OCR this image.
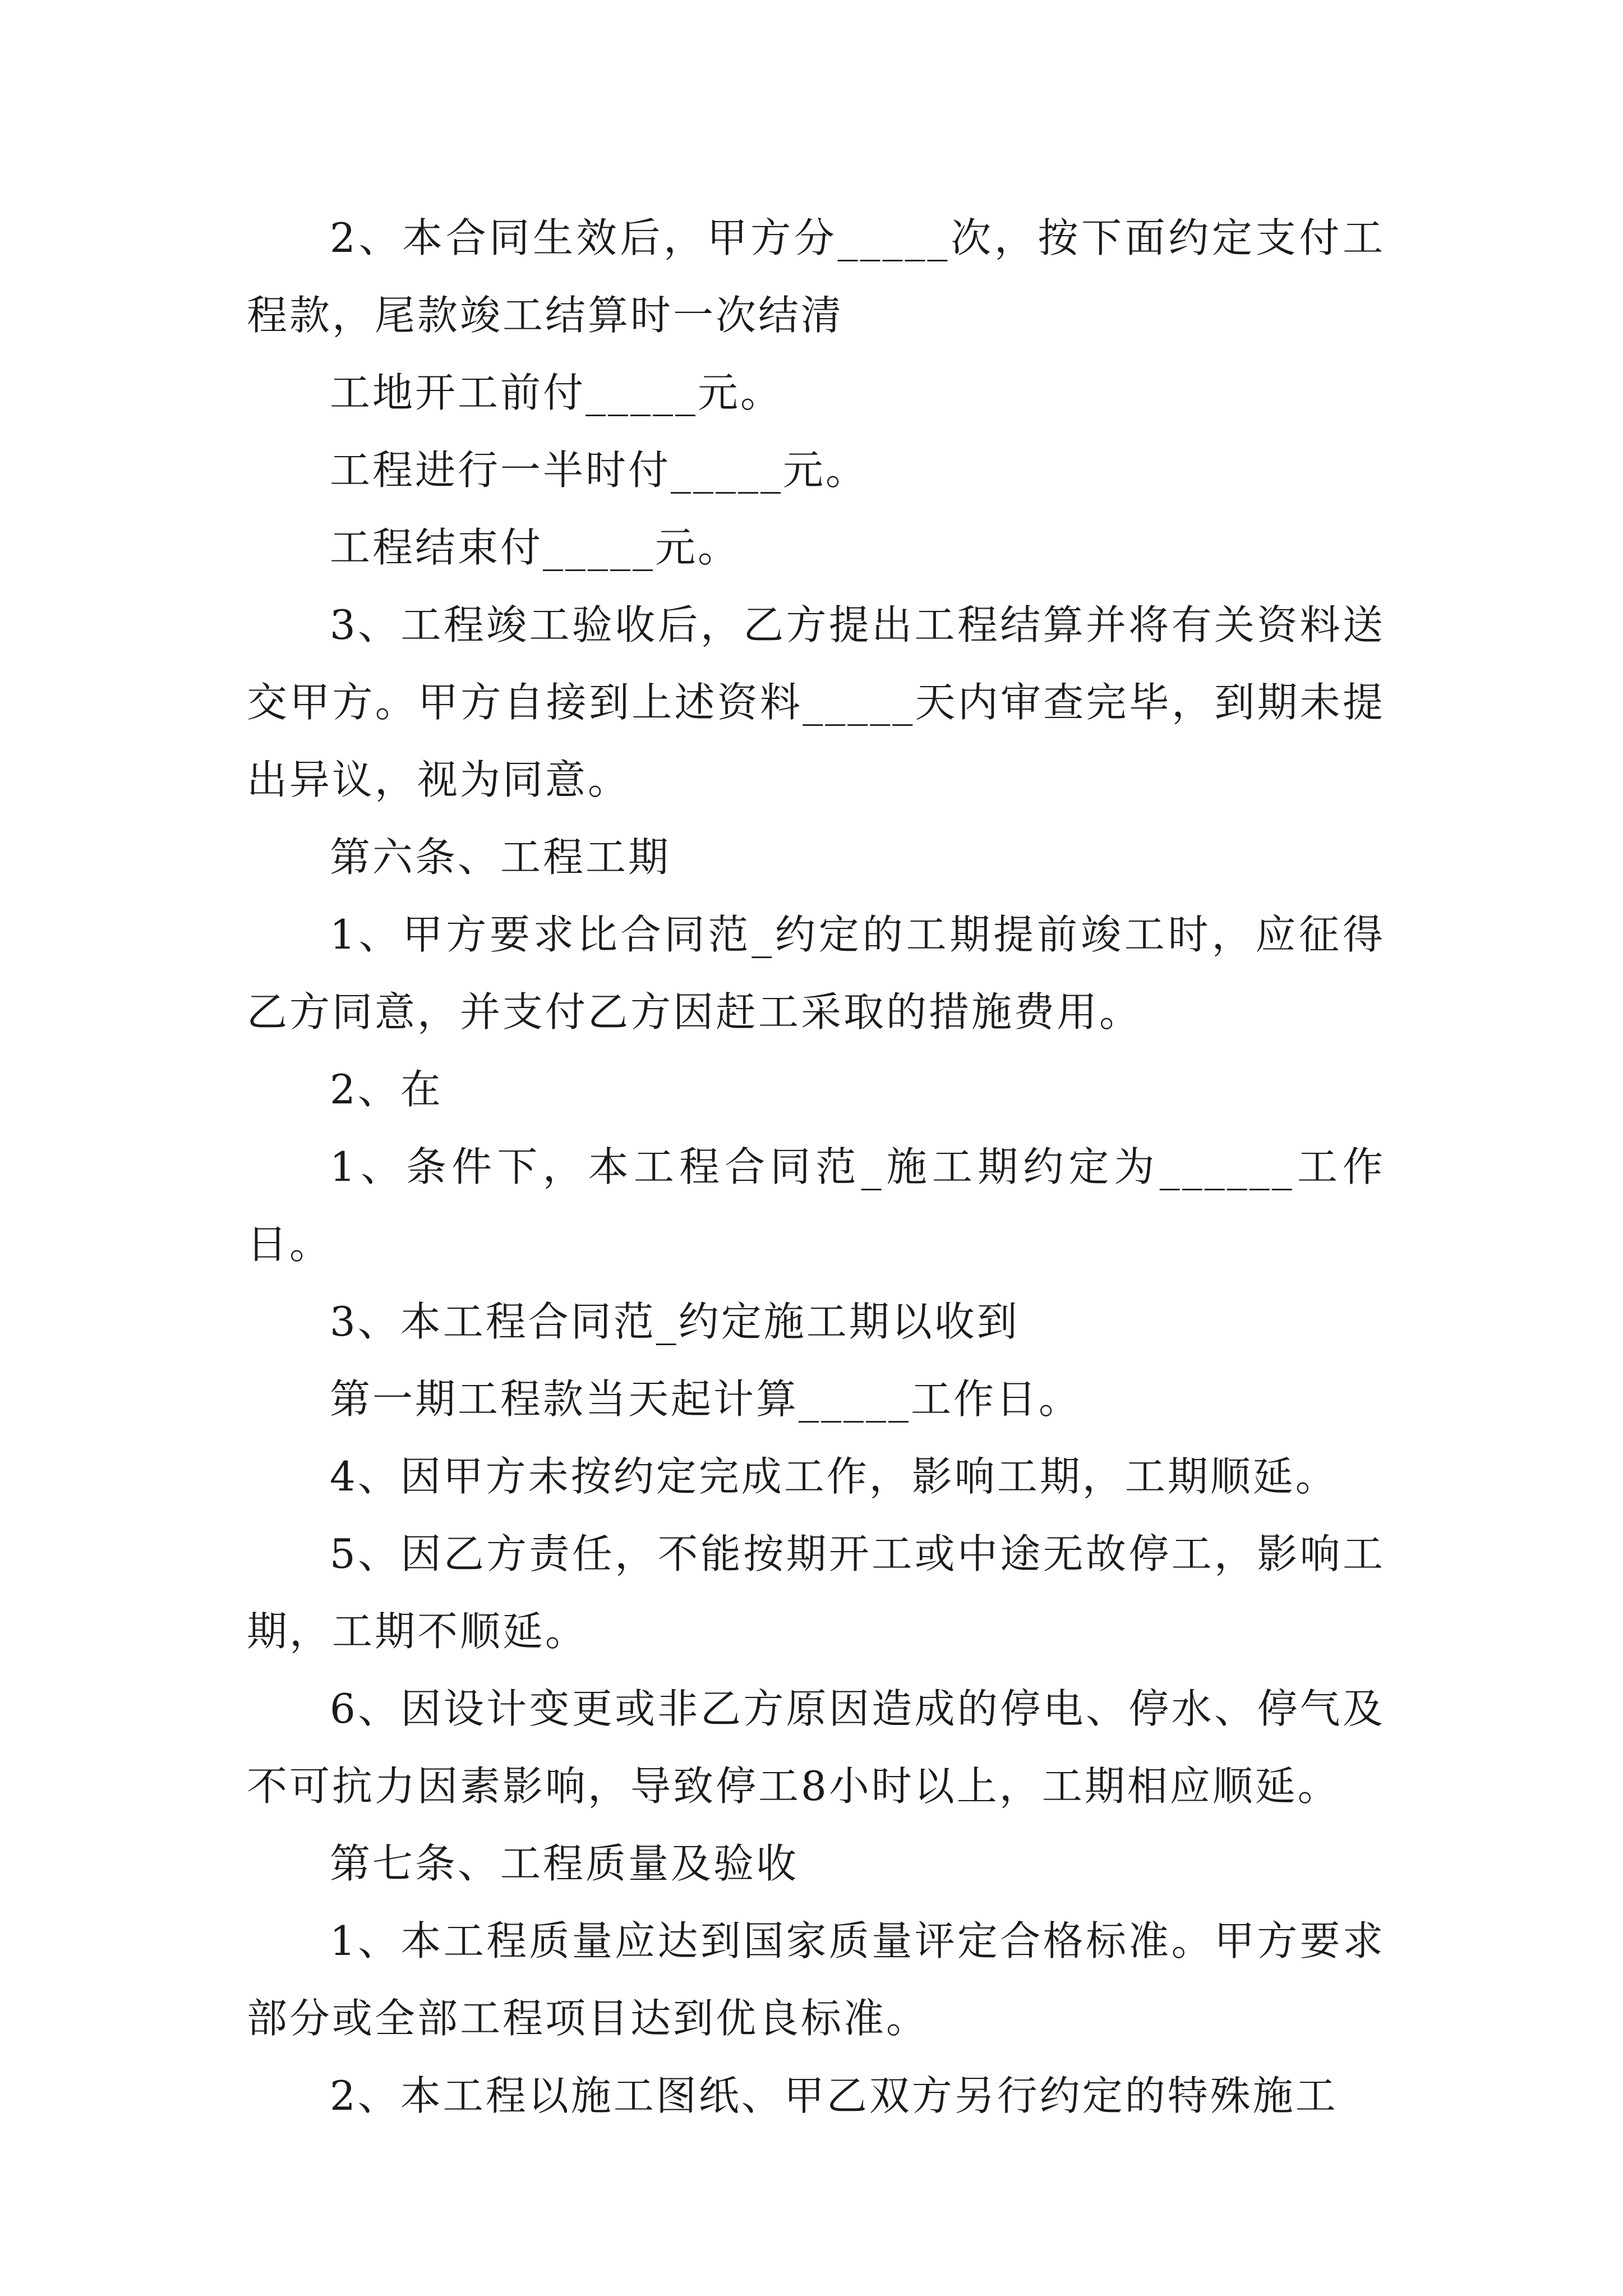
2、本合同生效后，甲方分_____次，按下面约定支付工程款，尾款竣工结算时一次结清

工地开工前付_____元。

工程进行一半时付_____元。

工程结束付_____元。

3、工程竣工验收后，乙方提出工程结算并将有关资料送交甲方。甲方自接到上述资料_____天内审查完毕，到期未提出异议，视为同意。

第六条、工程工期

1、甲方要求比合同范_约定的工期提前竣工时，应征得乙方同意，并支付乙方因赶工采取的措施费用。

2、在

1、条件下，本工程合同范_施工期约定为______工作日。

3、本工程合同范_约定施工期以收到

第一期工程款当天起计算_____工作日。

4、因甲方未按约定完成工作，影响工期，工期顺延。

5、因乙方责任，不能按期开工或中途无故停工，影响工期，工期不顺延。

6、因设计变更或非乙方原因造成的停电、停水、停气及不可抗力因素影响，导致停工8小时以上，工期相应顺延。

第七条、工程质量及验收

1、本工程质量应达到国家质量评定合格标准。甲方要求部分或全部工程项目达到优良标准。

2、本工程以施工图纸、甲乙双方另行约定的特殊施工
